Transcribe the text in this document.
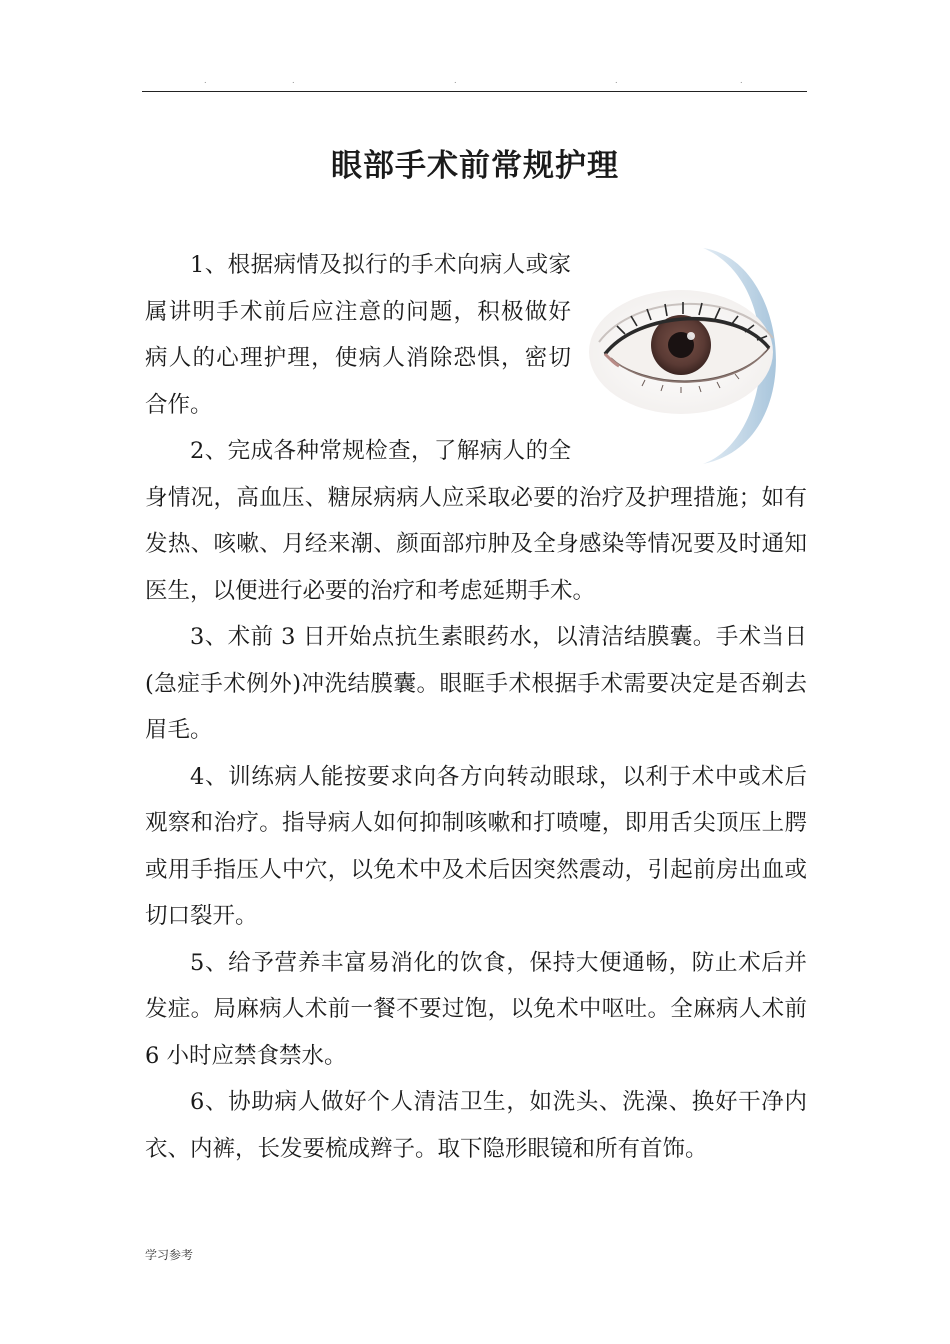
.	.	.	.	.
眼部手术前常规护理

1、根据病情及拟行的手术向病人或家属讲明手术前后应注意的问题，积极做好病人的心理护理，使病人消除恐惧，密切合作。

2、完成各种常规检查，了解病人的全身情况，高血压、糖尿病病人应采取必要的治疗及护理措施；如有发热、咳嗽、月经来潮、颜面部疖肿及全身感染等情况要及时通知医生，以便进行必要的治疗和考虑延期手术。

3、术前 3 日开始点抗生素眼药水，以清洁结膜囊。手术当日(急症手术例外)冲洗结膜囊。眼眶手术根据手术需要决定是否剃去眉毛。

4、训练病人能按要求向各方向转动眼球，以利于术中或术后观察和治疗。指导病人如何抑制咳嗽和打喷嚏，即用舌尖顶压上腭或用手指压人中穴，以免术中及术后因突然震动，引起前房出血或切口裂开。

5、给予营养丰富易消化的饮食，保持大便通畅，防止术后并发症。局麻病人术前一餐不要过饱，以免术中呕吐。全麻病人术前 6 小时应禁食禁水。

6、协助病人做好个人清洁卫生，如洗头、洗澡、换好干净内衣、内裤，长发要梳成辫子。取下隐形眼镜和所有首饰。

学习参考
